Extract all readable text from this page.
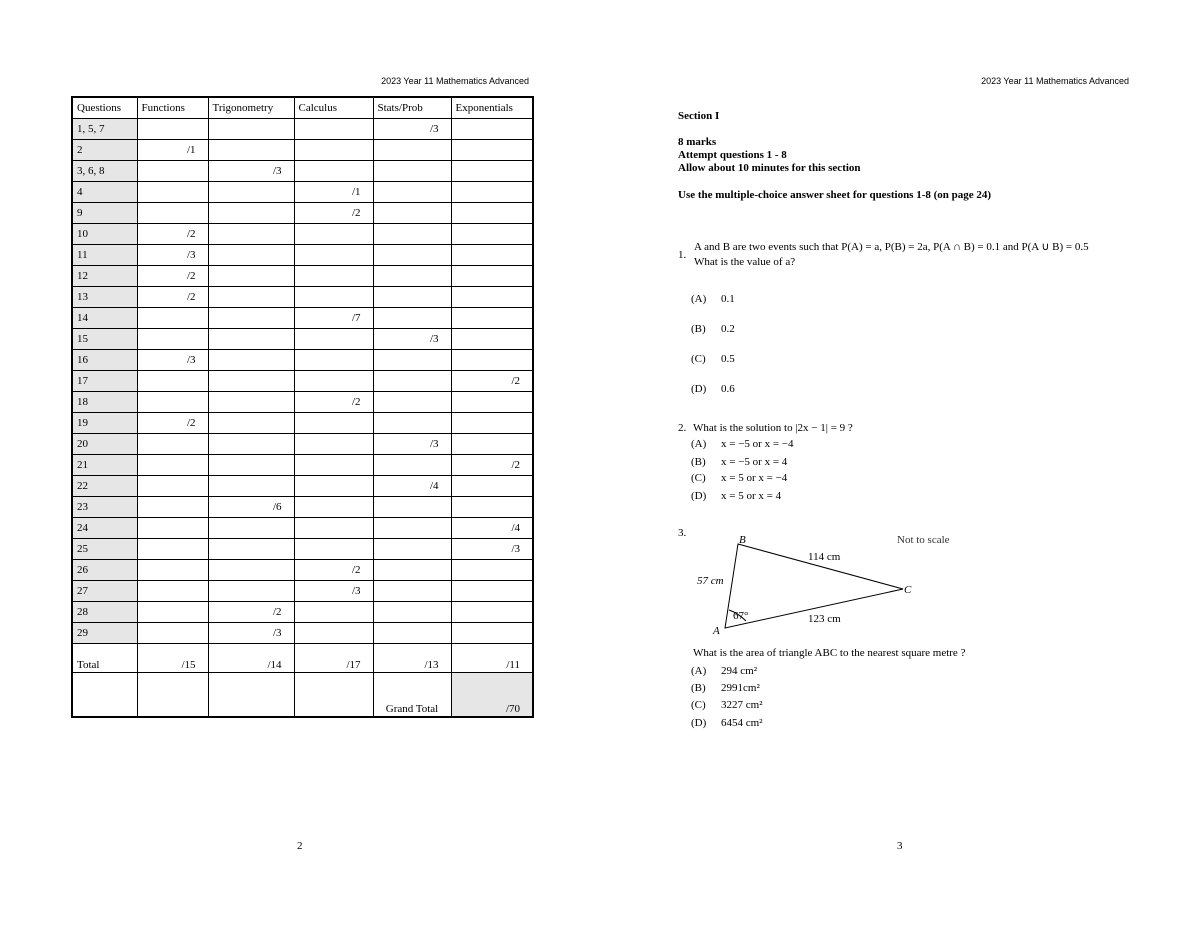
2023 Year 11 Mathematics Advanced
Questions	Functions	Trigonometry	Calculus	Stats/Prob	Exponentials
1, 5, 7				/3	
2	/1				
3, 6, 8		/3			
4			/1		
9			/2		
10	/2				
11	/3				
12	/2				
13	/2				
14			/7		
15				/3	
16	/3				
17					/2
18			/2		
19	/2				
20				/3	
21					/2
22				/4	
23		/6			
24					/4
25					/3
26			/2		
27			/3		
28		/2			
29		/3			
Total	/15	/14	/17	/13	/11
				Grand Total	/70
2
2023 Year 11 Mathematics Advanced
3
Section I
8 marks
Attempt questions 1 - 8
Allow about 10 minutes for this section
Use the multiple-choice answer sheet for questions 1-8 (on page 24)
1.
A and B are two events such that P(A) = a, P(B) = 2a, P(A ∩ B) = 0.1 and P(A ∪ B) = 0.5
What is the value of a?
(A) 0.1
(B) 0.2
(C) 0.5
(D) 0.6
2. What is the solution to |2x − 1| = 9 ?
(A) x = −5 or x = −4
(B) x = −5 or x = 4
(C) x = 5 or x = −4
(D) x = 5 or x = 4
3.
B
C
A
57 cm
114 cm
123 cm
67°
Not to scale
What is the area of triangle ABC to the nearest square metre ?
(A) 294 cm²
(B) 2991cm²
(C) 3227 cm²
(D) 6454 cm²
